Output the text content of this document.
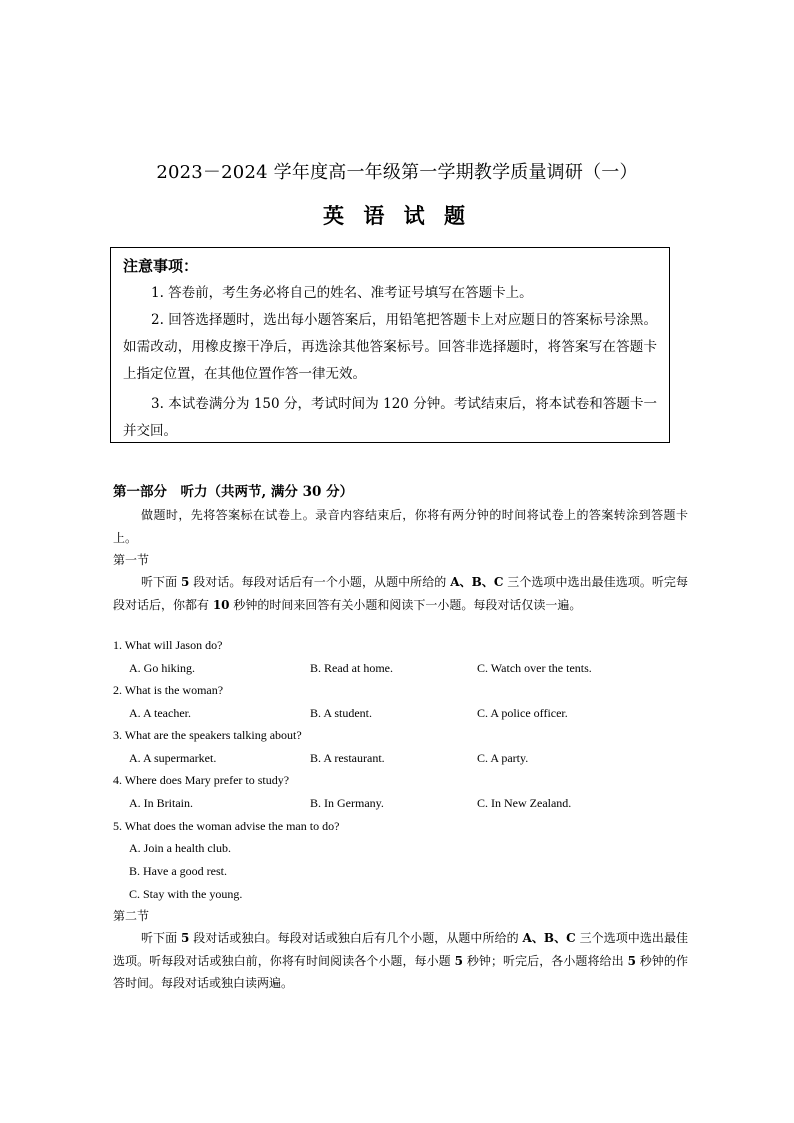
2023－2024 学年度高一年级第一学期教学质量调研（一）
英 语 试 题
注意事项：

1. 答卷前，考生务必将自己的姓名、准考证号填写在答题卡上。

2. 回答选择题时，选出每小题答案后，用铅笔把答题卡上对应题日的答案标号涂黑。如需改动，用橡皮擦干净后，再选涂其他答案标号。回答非选择题时，将答案写在答题卡上指定位置，在其他位置作答一律无效。

3. 本试卷满分为 150 分，考试时间为 120 分钟。考试结束后，将本试卷和答题卡一并交回。

第一部分　听力（共两节, 满分 30 分）
做题时，先将答案标在试卷上。录音内容结束后，你将有两分钟的时间将试卷上的答案转涂到答题卡上。
第一节
听下面 5 段对话。每段对话后有一个小题，从题中所给的 A、B、C 三个选项中选出最佳选项。听完每段对话后，你都有 10 秒钟的时间来回答有关小题和阅读下一小题。每段对话仅读一遍。
1. What will Jason do?
A. Go hiking.	B. Read at home.	C. Watch over the tents.
2. What is the woman?
A. A teacher.	B. A student.	C. A police officer.
3. What are the speakers talking about?
A. A supermarket.	B. A restaurant.	C. A party.
4. Where does Mary prefer to study?
A. In Britain.	B. In Germany.	C. In New Zealand.
5. What does the woman advise the man to do?
A. Join a health club.
B. Have a good rest.
C. Stay with the young.
第二节
听下面 5 段对话或独白。每段对话或独白后有几个小题，从题中所给的 A、B、C 三个选项中选出最佳选项。听每段对话或独白前，你将有时间阅读各个小题，每小题 5 秒钟；听完后，各小题将给出 5 秒钟的作答时间。每段对话或独白读两遍。
